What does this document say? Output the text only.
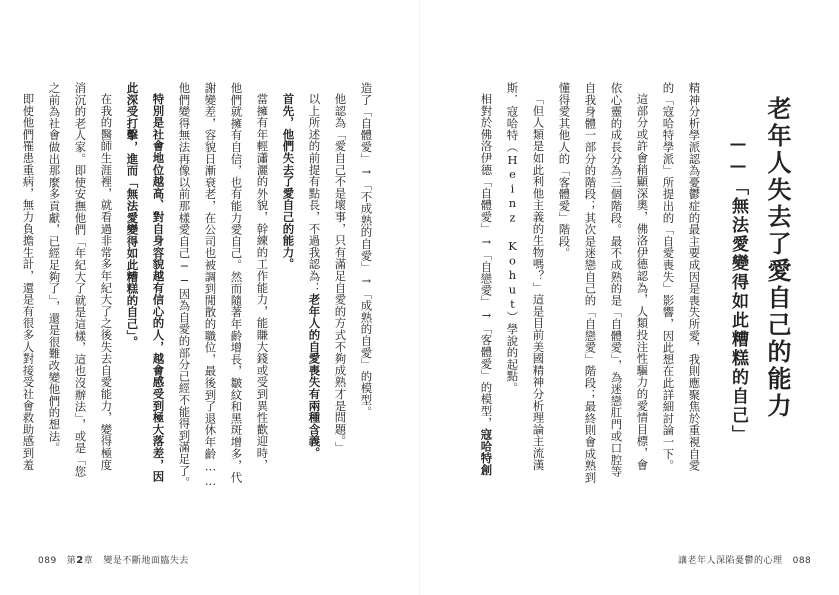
老年人失去了愛自己的能力
——「無法愛變得如此糟糕的自己」
精神分析學派認為憂鬱症的最主要成因是喪失所愛，我則應聚焦於重視自愛
的「寇哈特學派」所提出的「自愛喪失」影響，因此想在此詳細討論一下。
這部分或許會稍顯深奧，佛洛伊德認為，人類投注性驅力的愛情目標，會
依心靈的成長分為三個階段。最不成熟的是「自體愛」，為迷戀肛門或口腔等
自我身體一部分的階段；其次是迷戀自己的「自戀愛」階段；最終則會成熟到
懂得愛其他人的「客體愛」階段。
「但人類是如此利他主義的生物嗎？」這是目前美國精神分析理論主流漢
斯．寇哈特（Heinz Kohut）學說的起點。
相對於佛洛伊德「自體愛」→「自戀愛」→「客體愛」的模型，寇哈特創
造了「自體愛」→「不成熟的自愛」→「成熟的自愛」的模型。
他認為「愛自己不是壞事，只有滿足自愛的方式不夠成熟才是問題。」
以上所述的前提有點長，不過我認為：老年人的自愛喪失有兩種含義。
首先，他們失去了愛自己的能力。
當擁有年輕瀟灑的外貌，幹練的工作能力，能賺大錢或受到異性歡迎時，
他們就擁有自信，也有能力愛自己。然而隨著年齡增長，皺紋和黑斑增多，代
謝變差，容貌日漸衰老，在公司也被調到閒散的職位，最後到了退休年齡……
他們變得無法再像以前那樣愛自己──因為自愛的部分已經不能得到滿足了。
特別是社會地位越高、對自身容貌越有信心的人，越會感受到極大落差，因
此深受打擊，進而「無法愛變得如此糟糕的自己」。
在我的醫師生涯裡，就看過非常多年紀大了之後失去自愛能力，變得極度
消沉的老人家。即使安撫他們「年紀大了就是這樣，這也沒辦法」，或是「您
之前為社會做出那麼多貢獻，已經足夠了」，還是很難改變他們的想法。
即使他們罹患重病，無力負擔生計，還是有很多人對接受社會救助感到羞
089 第2章 變是不斷地面臨失去	讓老年人深陷憂鬱的心理 088
